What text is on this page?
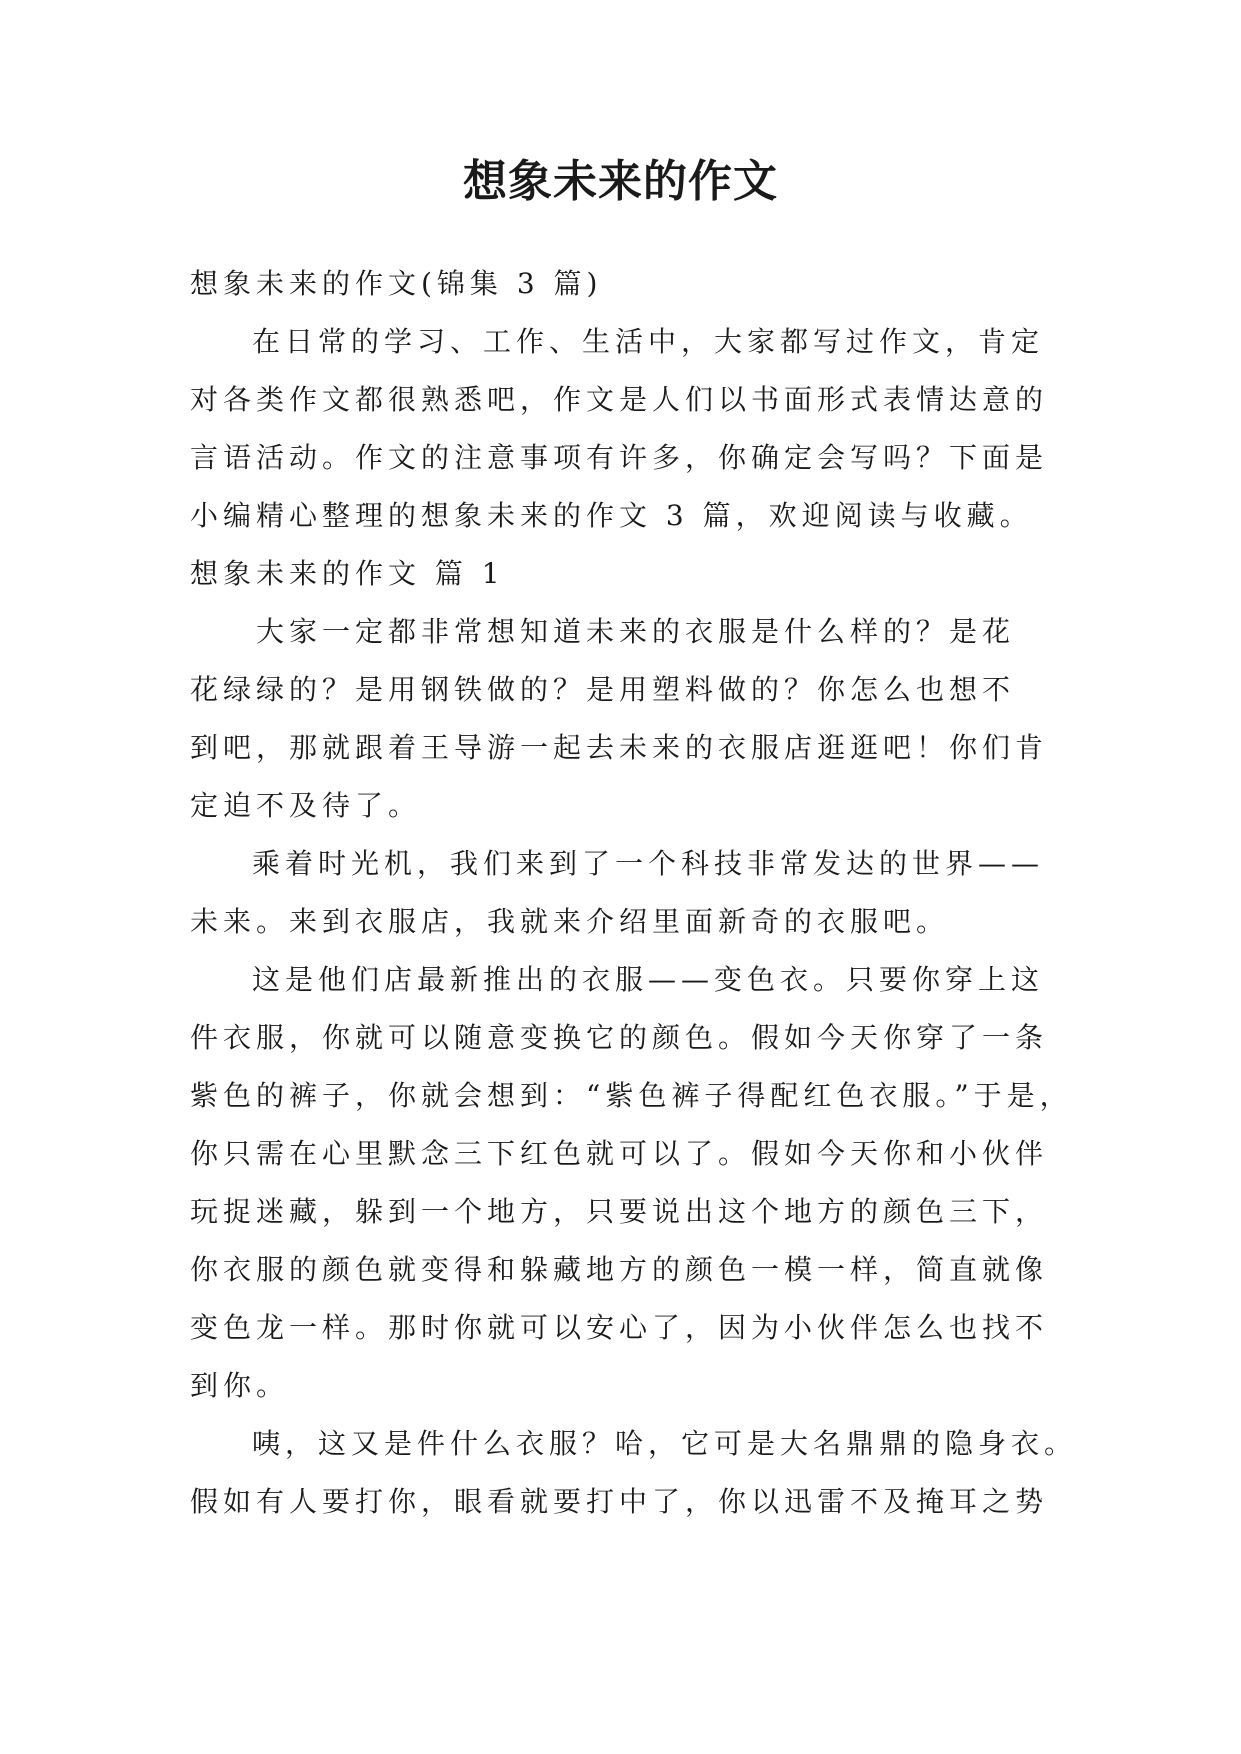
想象未来的作文
想象未来的作文(锦集 3 篇)
在日常的学习、工作、生活中，大家都写过作文，肯定
对各类作文都很熟悉吧，作文是人们以书面形式表情达意的
言语活动。作文的注意事项有许多，你确定会写吗？下面是
小编精心整理的想象未来的作文 3 篇，欢迎阅读与收藏。
想象未来的作文 篇 1
大家一定都非常想知道未来的衣服是什么样的？是花
花绿绿的？是用钢铁做的？是用塑料做的？你怎么也想不
到吧，那就跟着王导游一起去未来的衣服店逛逛吧！你们肯
定迫不及待了。
乘着时光机，我们来到了一个科技非常发达的世界——
未来。来到衣服店，我就来介绍里面新奇的衣服吧。
这是他们店最新推出的衣服——变色衣。只要你穿上这
件衣服，你就可以随意变换它的颜色。假如今天你穿了一条
紫色的裤子，你就会想到：“紫色裤子得配红色衣服。”于是，
你只需在心里默念三下红色就可以了。假如今天你和小伙伴
玩捉迷藏，躲到一个地方，只要说出这个地方的颜色三下，
你衣服的颜色就变得和躲藏地方的颜色一模一样，简直就像
变色龙一样。那时你就可以安心了，因为小伙伴怎么也找不
到你。
咦，这又是件什么衣服？哈，它可是大名鼎鼎的隐身衣。
假如有人要打你，眼看就要打中了，你以迅雷不及掩耳之势
